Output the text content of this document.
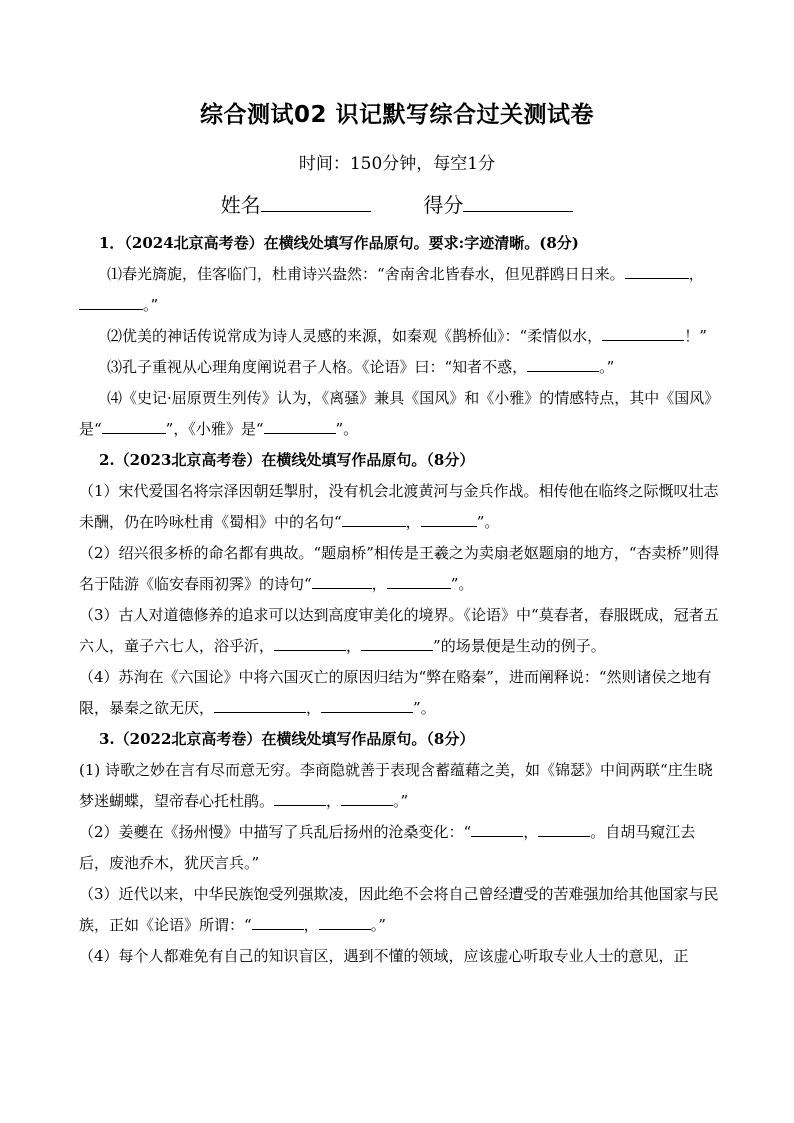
综合测试02 识记默写综合过关测试卷
时间：150分钟，每空1分
姓名	得分

1．（2024北京高考卷）在横线处填写作品原句。要求:字迹清晰。(8分)

⑴春光旖旎，佳客临门，杜甫诗兴盎然：“舍南舍北皆春水，但见群鸥日日来。	，。”

⑵优美的神话传说常成为诗人灵感的来源，如秦观《鹊桥仙》：“柔情似水，	！”

⑶孔子重视从心理角度阐说君子人格。《论语》曰：“知者不惑，	。”

⑷《史记·屈原贾生列传》认为，《离骚》兼具《国风》和《小雅》的情感特点，其中《国风》是“	”，《小雅》是“	”。

2.（2023北京高考卷）在横线处填写作品原句。（8分）

（1）宋代爱国名将宗泽因朝廷掣肘，没有机会北渡黄河与金兵作战。相传他在临终之际慨叹壮志未酬，仍在吟咏杜甫《蜀相》中的名句“	，	”。

（2）绍兴很多桥的命名都有典故。“题扇桥”相传是王羲之为卖扇老妪题扇的地方，“杏卖桥”则得名于陆游《临安春雨初霁》的诗句“	，	”。

（3）古人对道德修养的追求可以达到高度审美化的境界。《论语》中“莫春者，春服既成，冠者五六人，童子六七人，浴乎沂，	，	”的场景便是生动的例子。

（4）苏洵在《六国论》中将六国灭亡的原因归结为“弊在赂秦”，进而阐释说：“然则诸侯之地有限，暴秦之欲无厌，	，	”。

3.（2022北京高考卷）在横线处填写作品原句。（8分）

(1) 诗歌之妙在言有尽而意无穷。李商隐就善于表现含蓄蕴藉之美，如《锦瑟》中间两联“庄生晓梦迷蝴蝶，望帝春心托杜鹃。	，	。”

（2）姜夔在《扬州慢》中描写了兵乱后扬州的沧桑变化：“	，	。自胡马窥江去后，废池乔木，犹厌言兵。”

（3）近代以来，中华民族饱受列强欺凌，因此绝不会将自己曾经遭受的苦难强加给其他国家与民族，正如《论语》所谓：“	，	。”

（4）每个人都难免有自己的知识盲区，遇到不懂的领域，应该虚心听取专业人士的意见，正
